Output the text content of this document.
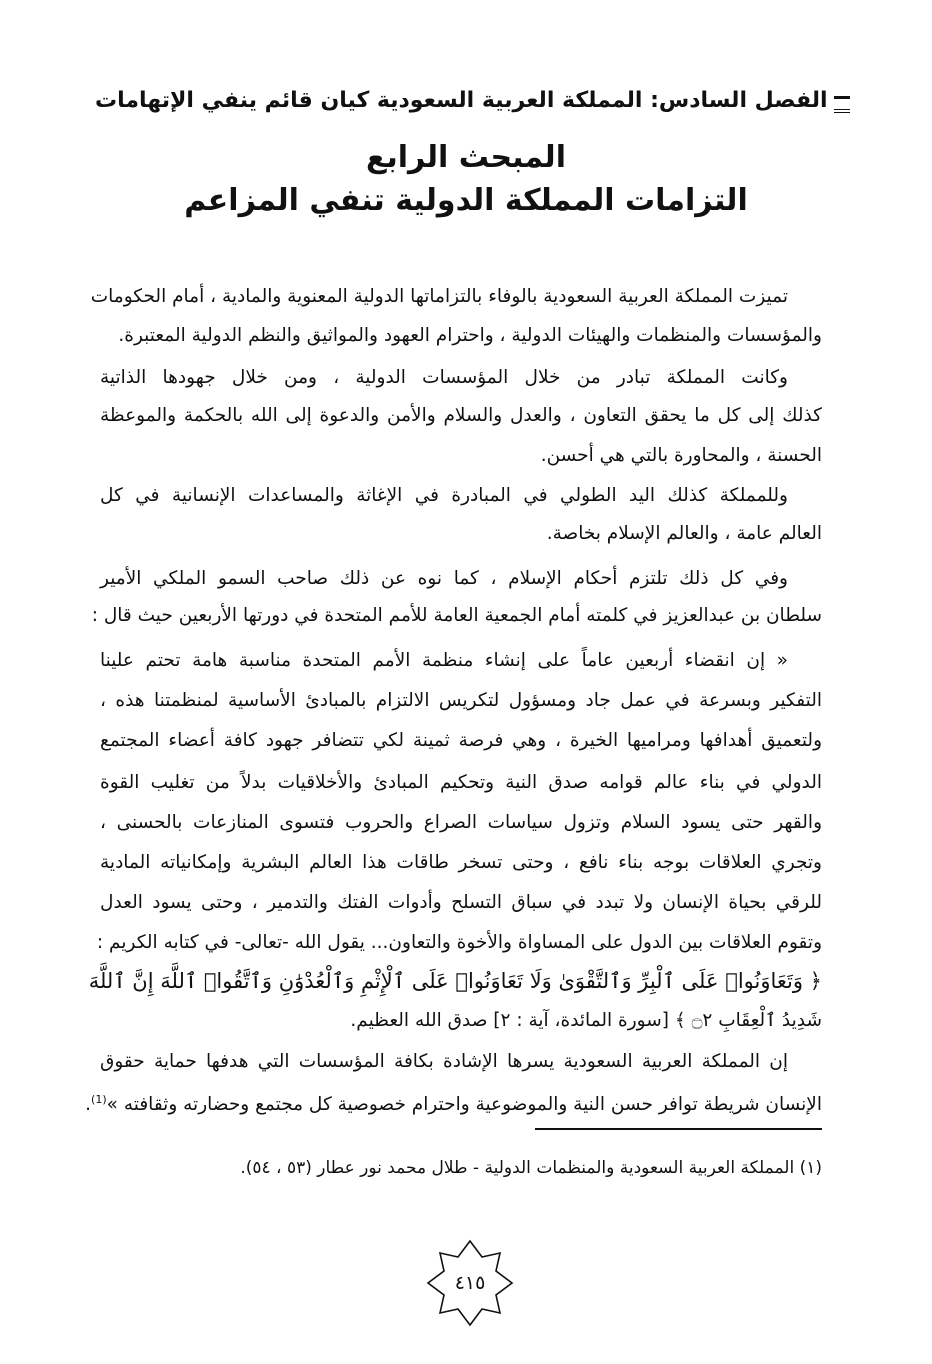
الفصل السادس: المملكة العربية السعودية كيان قائم ينفي الإتهامات
المبحث الرابع
التزامات المملكة الدولية تنفي المزاعم
تميزت المملكة العربية السعودية بالوفاء بالتزاماتها الدولية المعنوية والمادية ، أمام الحكومات
والمؤسسات والمنظمات والهيئات الدولية ، واحترام العهود والمواثيق والنظم الدولية المعتبرة.
وكانت المملكة تبادر من خلال المؤسسات الدولية ، ومن خلال جهودها الذاتية
كذلك إلى كل ما يحقق التعاون ، والعدل والسلام والأمن والدعوة إلى الله بالحكمة والموعظة
الحسنة ، والمحاورة بالتي هي أحسن.
وللمملكة كذلك اليد الطولي في المبادرة في الإغاثة والمساعدات الإنسانية في كل
العالم عامة ، والعالم الإسلام بخاصة.
وفي كل ذلك تلتزم أحكام الإسلام ، كما نوه عن ذلك صاحب السمو الملكي الأمير
سلطان بن عبدالعزيز في كلمته أمام الجمعية العامة للأمم المتحدة في دورتها الأربعين حيث قال :
« إن انقضاء أربعين عاماً على إنشاء منظمة الأمم المتحدة مناسبة هامة تحتم علينا
التفكير وبسرعة في عمل جاد ومسؤول لتكريس الالتزام بالمبادئ الأساسية لمنظمتنا هذه ،
ولتعميق أهدافها ومراميها الخيرة ، وهي فرصة ثمينة لكي تتضافر جهود كافة أعضاء المجتمع
الدولي في بناء عالم قوامه صدق النية وتحكيم المبادئ والأخلاقيات بدلاً من تغليب القوة
والقهر حتى يسود السلام وتزول سياسات الصراع والحروب فتسوى المنازعات بالحسنى ،
وتجري العلاقات بوجه بناء نافع ، وحتى تسخر طاقات هذا العالم البشرية وإمكانياته المادية
للرقي بحياة الإنسان ولا تبدد في سباق التسلح وأدوات الفتك والتدمير ، وحتى يسود العدل
وتقوم العلاقات بين الدول على المساواة والأخوة والتعاون... يقول الله -تعالى- في كتابه الكريم :
﴿ وَتَعَاوَنُوا۟ عَلَى ٱلْبِرِّ وَٱلتَّقْوَىٰ وَلَا تَعَاوَنُوا۟ عَلَى ٱلْإِثْمِ وَٱلْعُدْوَٰنِ وَٱتَّقُوا۟ ٱللَّهَ إِنَّ ٱللَّهَ
شَدِيدُ ٱلْعِقَابِ ۝٢ ﴾ [سورة المائدة، آية : ٢] صدق الله العظيم.
إن المملكة العربية السعودية يسرها الإشادة بكافة المؤسسات التي هدفها حماية حقوق
الإنسان شريطة توافر حسن النية والموضوعية واحترام خصوصية كل مجتمع وحضارته وثقافته »$^{(1)}$.
(١) المملكة العربية السعودية والمنظمات الدولية - طلال محمد نور عطار (٥٣ ، ٥٤).
٤١٥
